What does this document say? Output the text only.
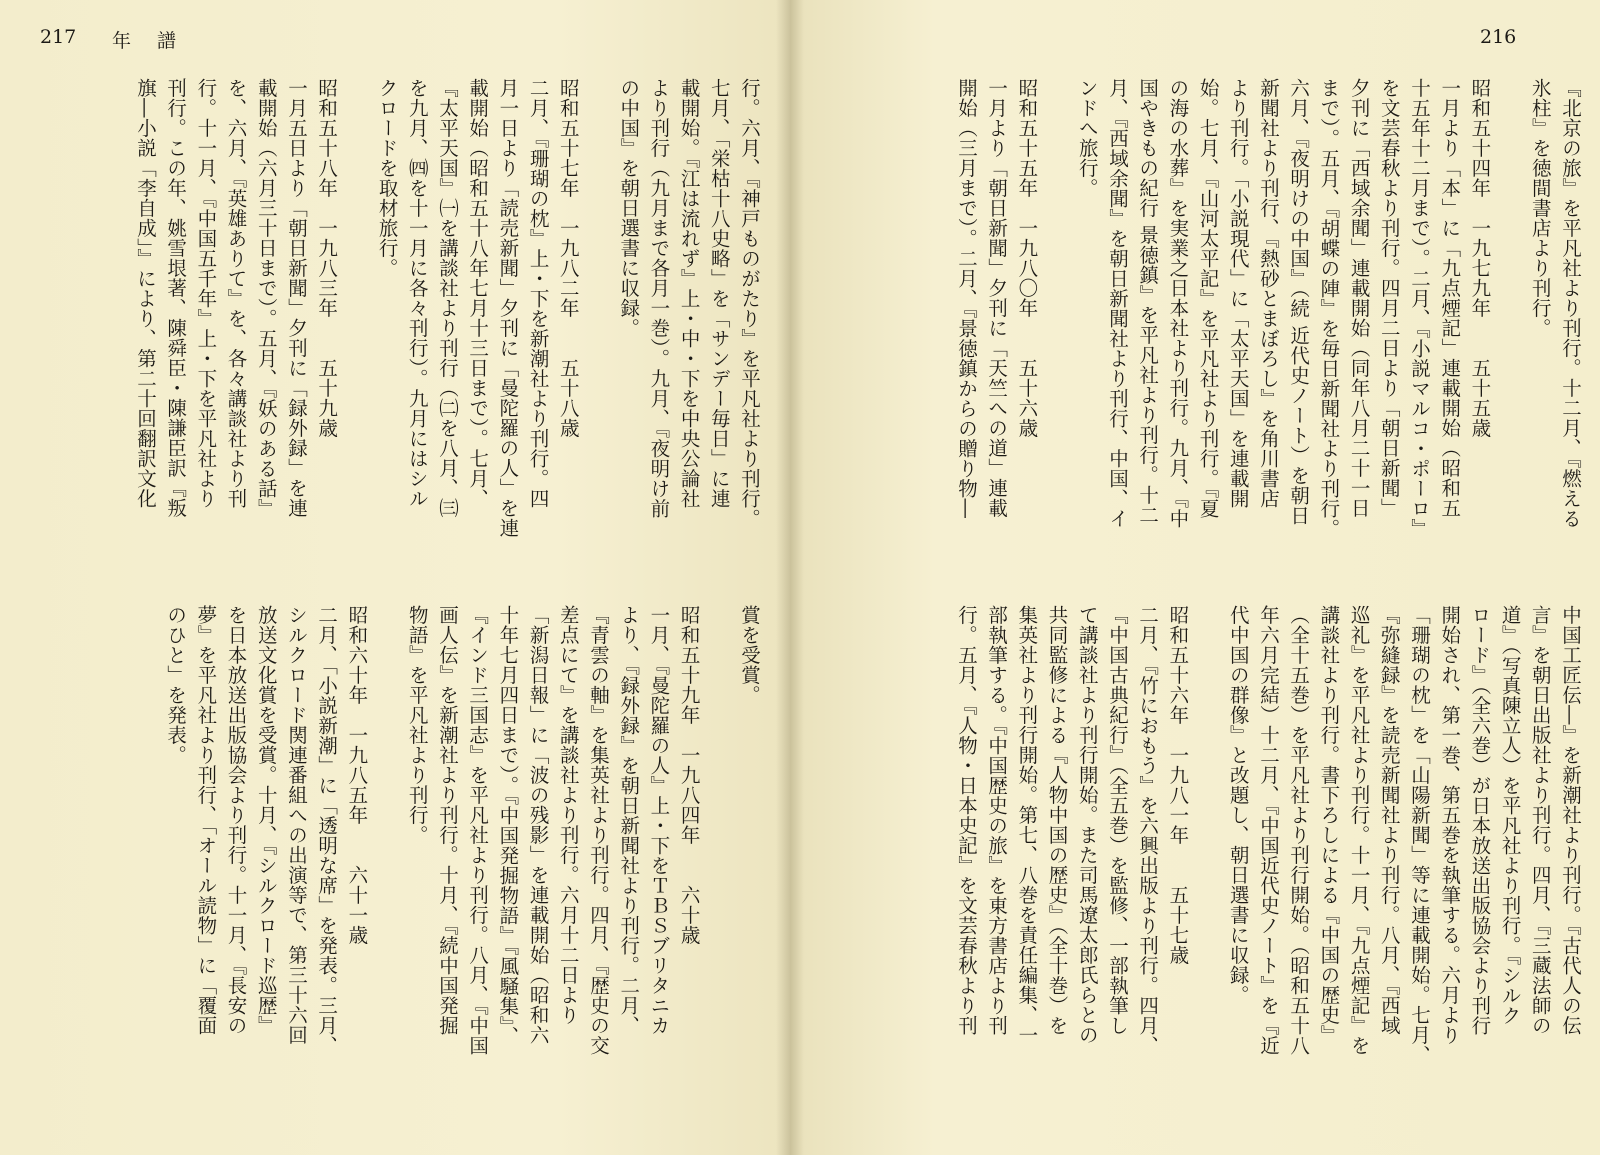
217 年 譜
行。六月、『神戸ものがたり』を平凡社より刊行。
七月、「栄枯十八史略」を「サンデー毎日」に連
載開始。『江は流れず』上・中・下を中央公論社
より刊行（九月まで各月一巻）。九月、『夜明け前
の中国』を朝日選書に収録。

昭和五十七年　一九八二年　　五十八歳
二月、『珊瑚の枕』上・下を新潮社より刊行。四
月一日より「読売新聞」夕刊に「曼陀羅の人」を連
載開始（昭和五十八年七月十三日まで）。七月、
『太平天国』㈠を講談社より刊行（㈡を八月、㈢
を九月、㈣を十一月に各々刊行）。九月にはシル
クロードを取材旅行。

昭和五十八年　一九八三年　　五十九歳
一月五日より「朝日新聞」夕刊に「録外録」を連
載開始（六月三十日まで）。五月、『妖のある話』
を、六月、『英雄ありて』を、各々講談社より刊
行。十一月、『中国五千年』上・下を平凡社より
刊行。この年、姚雪垠著、陳舜臣・陳謙臣訳『叛
旗―小説「李自成」』により、第二十回翻訳文化
賞を受賞。

昭和五十九年　一九八四年　　六十歳
一月、『曼陀羅の人』上・下をＴＢＳブリタニカ
より、『録外録』を朝日新聞社より刊行。二月、
『青雲の軸』を集英社より刊行。四月、『歴史の交
差点にて』を講談社より刊行。六月十二日より
「新潟日報」に「波の残影」を連載開始（昭和六
十年七月四日まで）。『中国発掘物語』『風騒集』、
『インド三国志』を平凡社より刊行。八月、『中国
画人伝』を新潮社より刊行。十月、『続中国発掘
物語』を平凡社より刊行。

昭和六十年　一九八五年　　六十一歳
二月、「小説新潮」に「透明な席」を発表。三月、
シルクロード関連番組への出演等で、第三十六回
放送文化賞を受賞。十月、『シルクロード巡歴』
を日本放送出版協会より刊行。十一月、『長安の
夢』を平凡社より刊行、「オール読物」に「覆面
のひと」を発表。
216
『北京の旅』を平凡社より刊行。十二月、『燃える
氷柱』を徳間書店より刊行。

昭和五十四年　一九七九年　　五十五歳
一月より「本」に「九点煙記」連載開始（昭和五
十五年十二月まで）。二月、『小説マルコ・ポーロ』
を文芸春秋より刊行。四月二日より「朝日新聞」
夕刊に「西域余聞」連載開始（同年八月二十一日
まで）。五月、『胡蝶の陣』を毎日新聞社より刊行。
六月、『夜明けの中国』（続 近代史ノート）を朝日
新聞社より刊行、『熱砂とまぼろし』を角川書店
より刊行。「小説現代」に「太平天国」を連載開
始。七月、『山河太平記』を平凡社より刊行。『夏
の海の水葬』を実業之日本社より刊行。九月、『中
国やきもの紀行 景徳鎮』を平凡社より刊行。十二
月、『西域余聞』を朝日新聞社より刊行、中国、イ
ンドへ旅行。

昭和五十五年　一九八〇年　　五十六歳
一月より「朝日新聞」夕刊に「天竺への道」連載
開始（三月まで）。二月、『景徳鎮からの贈り物―
中国工匠伝―』を新潮社より刊行。『古代人の伝
言』を朝日出版社より刊行。四月、『三蔵法師の
道』（写真陳立人）を平凡社より刊行。『シルク
ロード』（全六巻）が日本放送出版協会より刊行
開始され、第一巻、第五巻を執筆する。六月より
「珊瑚の枕」を「山陽新聞」等に連載開始。七月、
『弥縫録』を読売新聞社より刊行。八月、『西域
巡礼』を平凡社より刊行。十一月、『九点煙記』を
講談社より刊行。書下ろしによる『中国の歴史』
（全十五巻）を平凡社より刊行開始。（昭和五十八
年六月完結）十二月、『中国近代史ノート』を『近
代中国の群像』と改題し、朝日選書に収録。

昭和五十六年　一九八一年　　五十七歳
二月、『竹におもう』を六興出版より刊行。四月、
『中国古典紀行』（全五巻）を監修、一部執筆し
て講談社より刊行開始。また司馬遼太郎氏らとの
共同監修による『人物中国の歴史』（全十巻）を
集英社より刊行開始。第七、八巻を責任編集、一
部執筆する。『中国歴史の旅』を東方書店より刊
行。五月、『人物・日本史記』を文芸春秋より刊
